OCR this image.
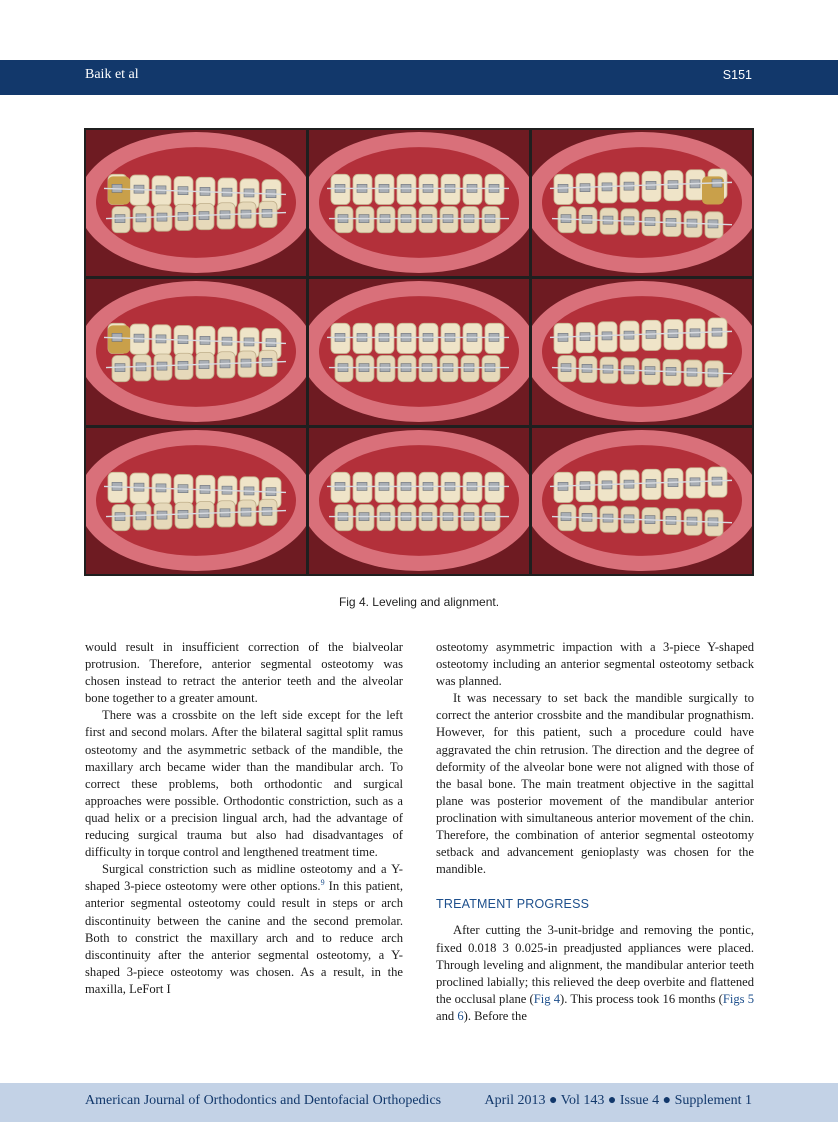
Baik et al	S151
Fig 4. Leveling and alignment.

would result in insufficient correction of the bialveolar protrusion. Therefore, anterior segmental osteotomy was chosen instead to retract the anterior teeth and the alveolar bone together to a greater amount.

There was a crossbite on the left side except for the left first and second molars. After the bilateral sagittal split ramus osteotomy and the asymmetric setback of the mandible, the maxillary arch became wider than the mandibular arch. To correct these problems, both orthodontic and surgical approaches were possible. Orthodontic constriction, such as a quad helix or a precision lingual arch, had the advantage of reducing surgical trauma but also had disadvantages of difficulty in torque control and lengthened treatment time.

Surgical constriction such as midline osteotomy and a Y-shaped 3-piece osteotomy were other options.$^9$ In this patient, anterior segmental osteotomy could result in steps or arch discontinuity between the canine and the second premolar. Both to constrict the maxillary arch and to reduce arch discontinuity after the anterior segmental osteotomy, a Y-shaped 3-piece osteotomy was chosen. As a result, in the maxilla, LeFort I

osteotomy asymmetric impaction with a 3-piece Y-shaped osteotomy including an anterior segmental osteotomy setback was planned.

It was necessary to set back the mandible surgically to correct the anterior crossbite and the mandibular prognathism. However, for this patient, such a procedure could have aggravated the chin retrusion. The direction and the degree of deformity of the alveolar bone were not aligned with those of the basal bone. The main treatment objective in the sagittal plane was posterior movement of the mandibular anterior proclination with simultaneous anterior movement of the chin. Therefore, the combination of anterior segmental osteotomy setback and advancement genioplasty was chosen for the mandible.

TREATMENT PROGRESS

After cutting the 3-unit-bridge and removing the pontic, fixed 0.018 3 0.025-in preadjusted appliances were placed. Through leveling and alignment, the mandibular anterior teeth proclined labially; this relieved the deep overbite and flattened the occlusal plane (Fig 4). This process took 16 months (Figs 5 and 6). Before the

American Journal of Orthodontics and Dentofacial Orthopedics	April 2013 ● Vol 143 ● Issue 4 ● Supplement 1
